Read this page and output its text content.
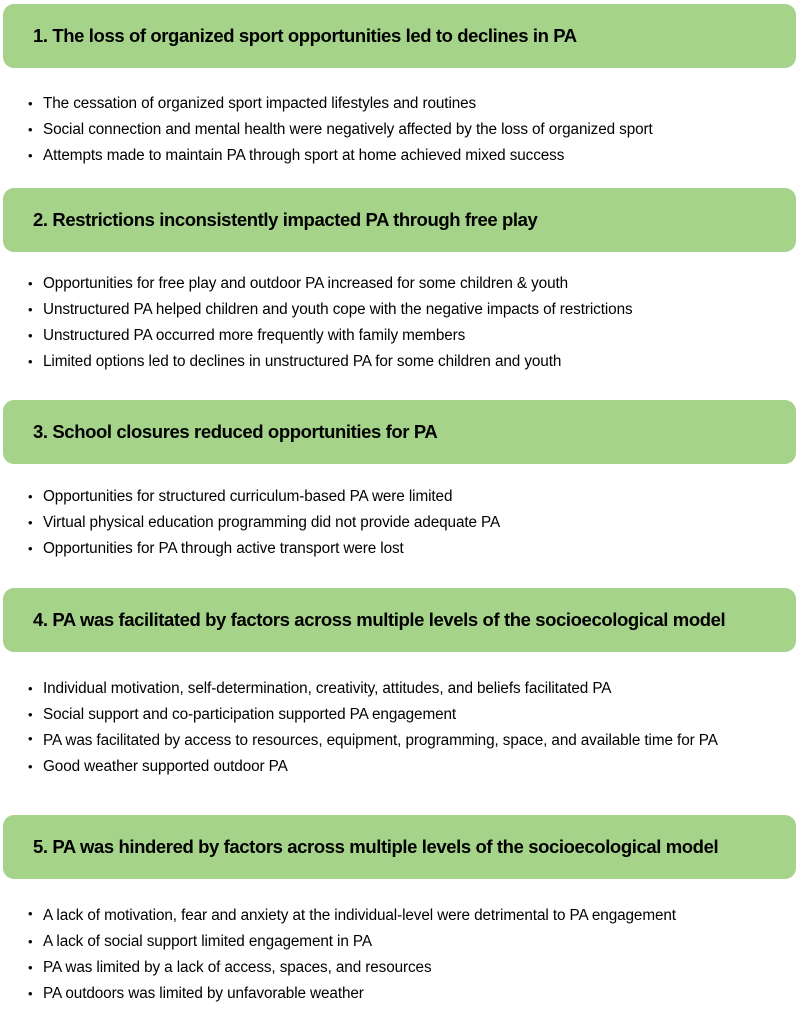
1. The loss of organized sport opportunities led to declines in PA
• The cessation of organized sport impacted lifestyles and routines
• Social connection and mental health were negatively affected by the loss of organized sport
• Attempts made to maintain PA through sport at home achieved mixed success
2. Restrictions inconsistently impacted PA through free play
• Opportunities for free play and outdoor PA increased for some children & youth
• Unstructured PA helped children and youth cope with the negative impacts of restrictions
• Unstructured PA occurred more frequently with family members
• Limited options led to declines in unstructured PA for some children and youth
3. School closures reduced opportunities for PA
• Opportunities for structured curriculum-based PA were limited
• Virtual physical education programming did not provide adequate PA
• Opportunities for PA through active transport were lost
4. PA was facilitated by factors across multiple levels of the socioecological model
• Individual motivation, self-determination, creativity, attitudes, and beliefs facilitated PA
• Social support and co-participation supported PA engagement
• PA was facilitated by access to resources, equipment, programming, space, and available time for PA
• Good weather supported outdoor PA
5. PA was hindered by factors across multiple levels of the socioecological model
• A lack of motivation, fear and anxiety at the individual-level were detrimental to PA engagement
• A lack of social support limited engagement in PA
• PA was limited by a lack of access, spaces, and resources
• PA outdoors was limited by unfavorable weather
